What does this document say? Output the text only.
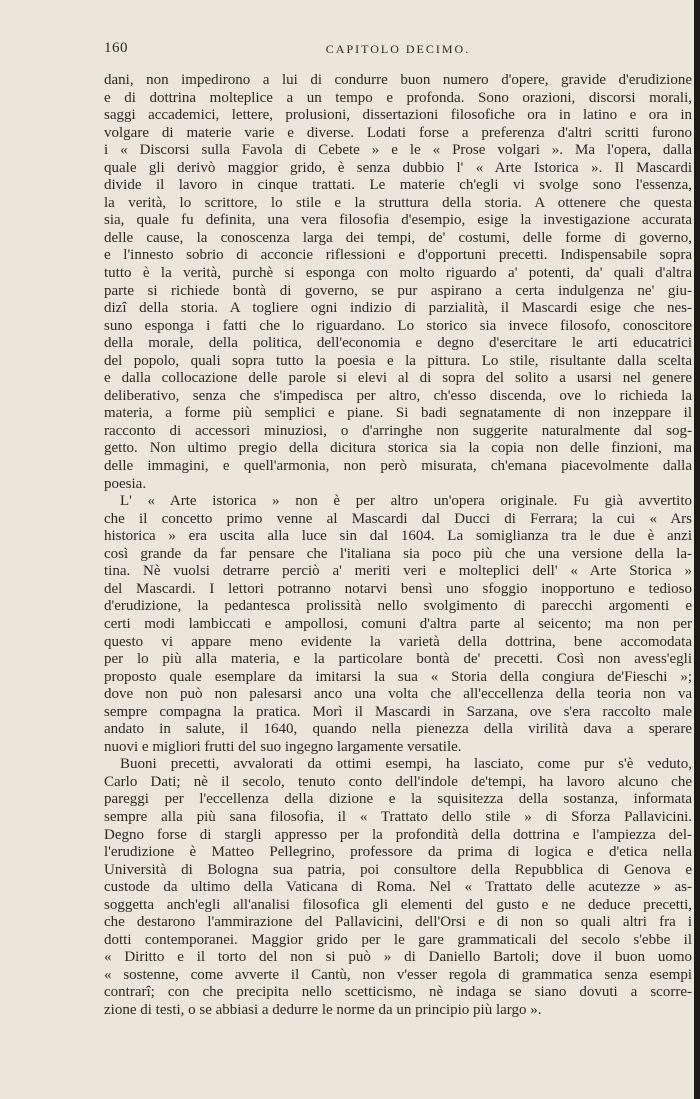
160	CAPITOLO DECIMO.
dani, non impedirono a lui di condurre buon numero d'opere, gravide d'erudizione
e di dottrina molteplice a un tempo e profonda. Sono orazioni, discorsi morali,
saggi accademici, lettere, prolusioni, dissertazioni filosofiche ora in latino e ora in
volgare di materie varie e diverse. Lodati forse a preferenza d'altri scritti furono
i « Discorsi sulla Favola di Cebete » e le « Prose volgari ». Ma l'opera, dalla
quale gli derivò maggior grido, è senza dubbio l' « Arte Istorica ». Il Mascardi
divide il lavoro in cinque trattati. Le materie ch'egli vi svolge sono l'essenza,
la verità, lo scrittore, lo stile e la struttura della storia. A ottenere che questa
sia, quale fu definita, una vera filosofia d'esempio, esige la investigazione accurata
delle cause, la conoscenza larga dei tempi, de' costumi, delle forme di governo,
e l'innesto sobrio di acconcie riflessioni e d'opportuni precetti. Indispensabile sopra
tutto è la verità, purchè si esponga con molto riguardo a' potenti, da' quali d'altra
parte si richiede bontà di governo, se pur aspirano a certa indulgenza ne' giu-
dizî della storia. A togliere ogni indizio di parzialità, il Mascardi esige che nes-
suno esponga i fatti che lo riguardano. Lo storico sia invece filosofo, conoscitore
della morale, della politica, dell'economia e degno d'esercitare le arti educatrici
del popolo, quali sopra tutto la poesia e la pittura. Lo stile, risultante dalla scelta
e dalla collocazione delle parole si elevi al di sopra del solito a usarsi nel genere
deliberativo, senza che s'impedisca per altro, ch'esso discenda, ove lo richieda la
materia, a forme più semplici e piane. Si badi segnatamente di non inzeppare il
racconto di accessori minuziosi, o d'arringhe non suggerite naturalmente dal sog-
getto. Non ultimo pregio della dicitura storica sia la copia non delle finzioni, ma
delle immagini, e quell'armonia, non però misurata, ch'emana piacevolmente dalla
poesia.
L' « Arte istorica » non è per altro un'opera originale. Fu già avvertito
che il concetto primo venne al Mascardi dal Ducci di Ferrara; la cui « Ars
historica » era uscita alla luce sin dal 1604. La somiglianza tra le due è anzi
così grande da far pensare che l'italiana sia poco più che una versione della la-
tina. Nè vuolsi detrarre perciò a' meriti veri e molteplici dell' « Arte Storica »
del Mascardi. I lettori potranno notarvi bensì uno sfoggio inopportuno e tedioso
d'erudizione, la pedantesca prolissità nello svolgimento di parecchi argomenti e
certi modi lambiccati e ampollosi, comuni d'altra parte al seicento; ma non per
questo vi appare meno evidente la varietà della dottrina, bene accomodata
per lo più alla materia, e la particolare bontà de' precetti. Così non avess'egli
proposto quale esemplare da imitarsi la sua « Storia della congiura de'Fieschi »;
dove non può non palesarsi anco una volta che all'eccellenza della teoria non va
sempre compagna la pratica. Morì il Mascardi in Sarzana, ove s'era raccolto male
andato in salute, il 1640, quando nella pienezza della virilità dava a sperare
nuovi e migliori frutti del suo ingegno largamente versatile.
Buoni precetti, avvalorati da ottimi esempi, ha lasciato, come pur s'è veduto,
Carlo Dati; nè il secolo, tenuto conto dell'indole de'tempi, ha lavoro alcuno che
pareggi per l'eccellenza della dizione e la squisitezza della sostanza, informata
sempre alla più sana filosofia, il « Trattato dello stile » di Sforza Pallavicini.
Degno forse di stargli appresso per la profondità della dottrina e l'ampiezza del-
l'erudizione è Matteo Pellegrino, professore da prima di logica e d'etica nella
Università di Bologna sua patria, poi consultore della Repubblica di Genova e
custode da ultimo della Vaticana di Roma. Nel « Trattato delle acutezze » as-
soggetta anch'egli all'analisi filosofica gli elementi del gusto e ne deduce precetti,
che destarono l'ammirazione del Pallavicini, dell'Orsi e di non so quali altri fra i
dotti contemporanei. Maggior grido per le gare grammaticali del secolo s'ebbe il
« Diritto e il torto del non si può » di Daniello Bartoli; dove il buon uomo
« sostenne, come avverte il Cantù, non v'esser regola di grammatica senza esempi
contrarî; con che precipita nello scetticismo, nè indaga se siano dovuti a scorre-
zione di testi, o se abbiasi a dedurre le norme da un principio più largo ».
